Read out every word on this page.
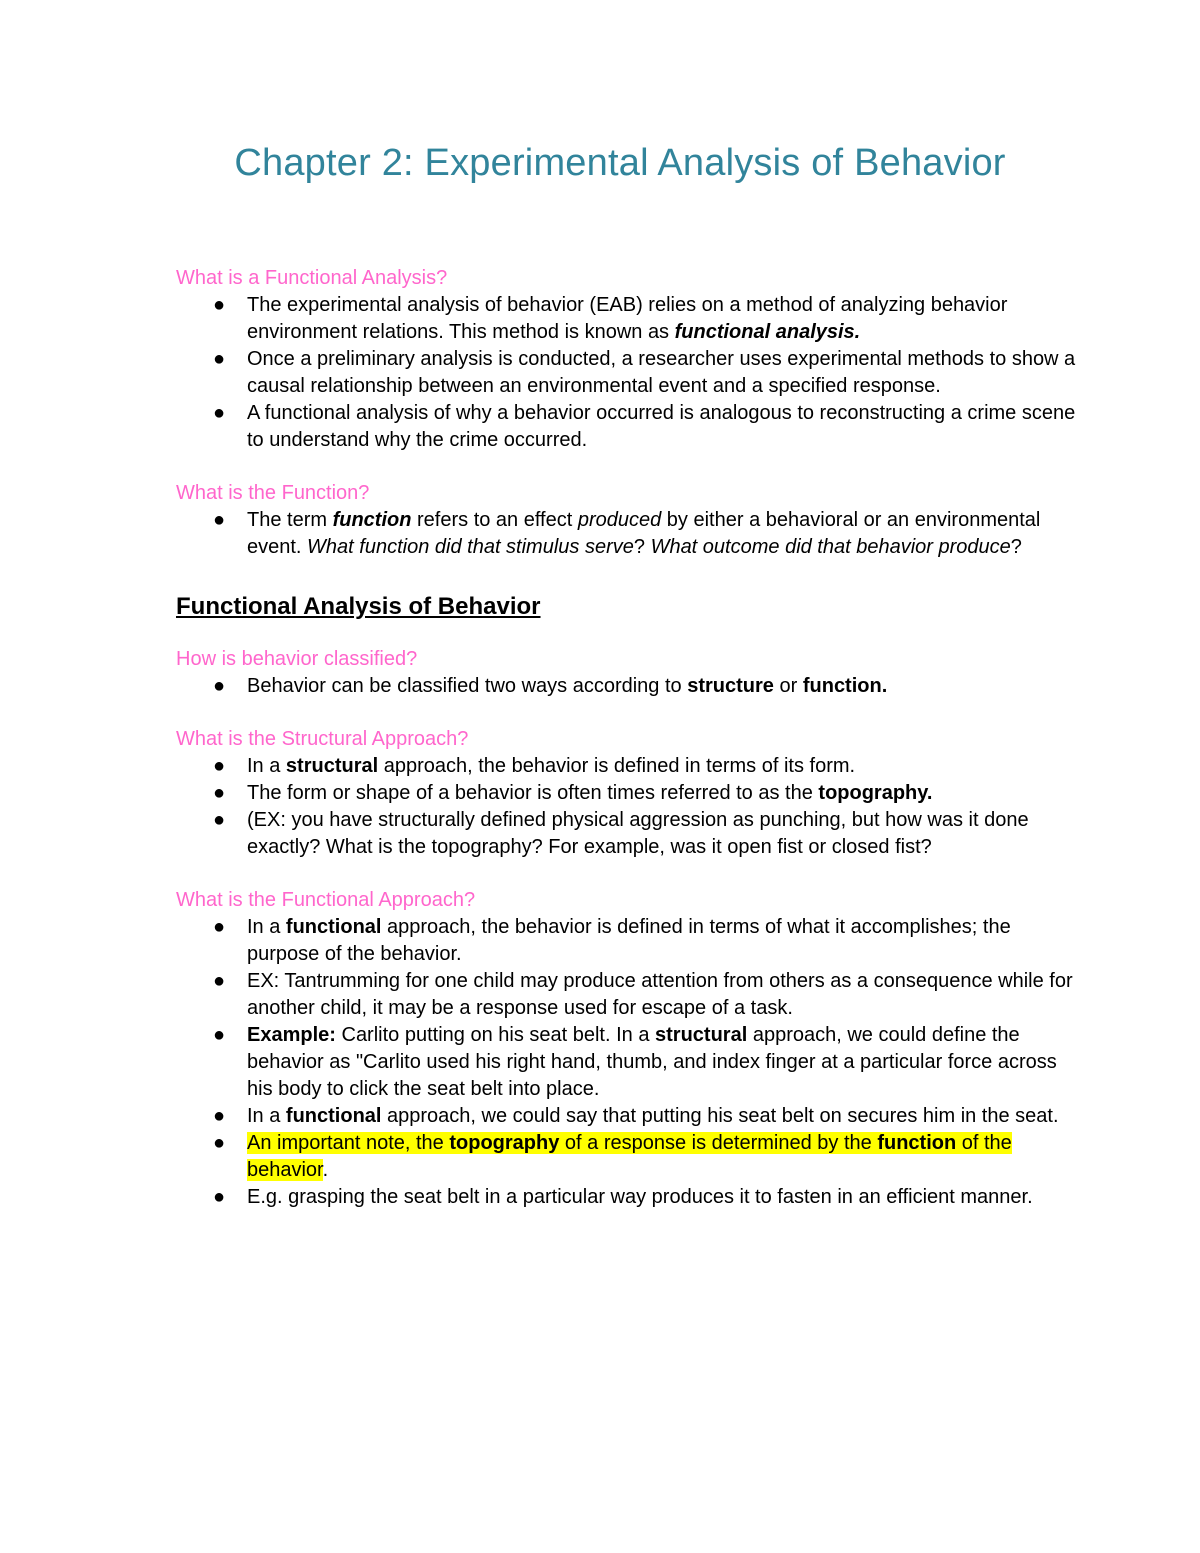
Chapter 2: Experimental Analysis of Behavior

What is a Functional Analysis?

● The experimental analysis of behavior (EAB) relies on a method of analyzing behavior environment relations. This method is known as functional analysis.
● Once a preliminary analysis is conducted, a researcher uses experimental methods to show a causal relationship between an environmental event and a specified response.
● A functional analysis of why a behavior occurred is analogous to reconstructing a crime scene to understand why the crime occurred.

What is the Function?

● The term function refers to an effect produced by either a behavioral or an environmental event. What function did that stimulus serve? What outcome did that behavior produce?

Functional Analysis of Behavior

How is behavior classified?

● Behavior can be classified two ways according to structure or function.

What is the Structural Approach?

● In a structural approach, the behavior is defined in terms of its form.
● The form or shape of a behavior is often times referred to as the topography.
● (EX: you have structurally defined physical aggression as punching, but how was it done exactly? What is the topography? For example, was it open fist or closed fist?

What is the Functional Approach?

● In a functional approach, the behavior is defined in terms of what it accomplishes; the purpose of the behavior.
● EX: Tantrumming for one child may produce attention from others as a consequence while for another child, it may be a response used for escape of a task.
● Example: Carlito putting on his seat belt. In a structural approach, we could define the behavior as "Carlito used his right hand, thumb, and index finger at a particular force across his body to click the seat belt into place.
● In a functional approach, we could say that putting his seat belt on secures him in the seat.
● An important note, the topography of a response is determined by the function of the behavior.
● E.g. grasping the seat belt in a particular way produces it to fasten in an efficient manner.
